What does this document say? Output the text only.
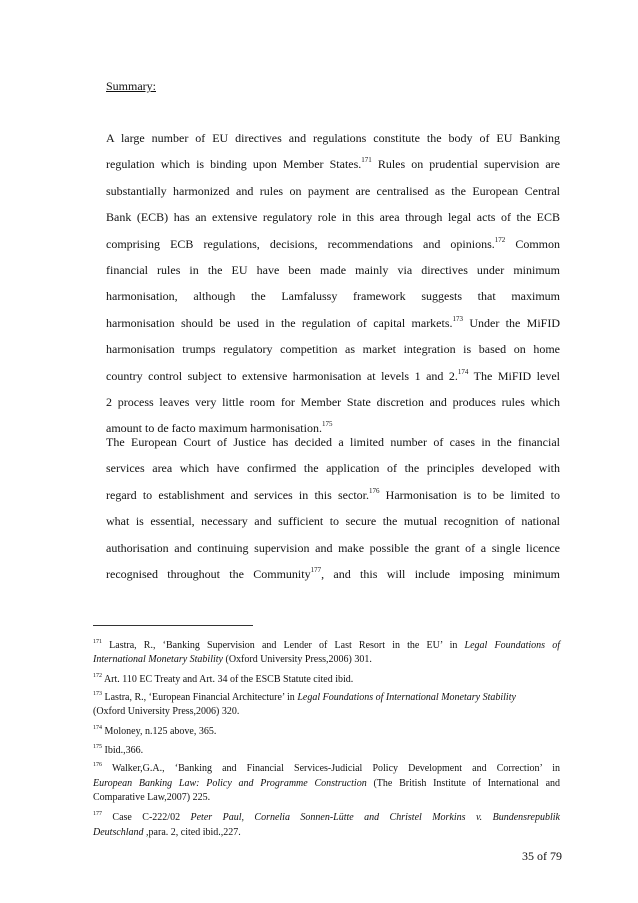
Summary:
A large number of EU directives and regulations constitute the body of EU Banking
regulation which is binding upon Member States.$^{171}$ Rules on prudential supervision are
substantially harmonized and rules on payment are centralised as the European Central
Bank (ECB) has an extensive regulatory role in this area through legal acts of the ECB
comprising ECB regulations, decisions, recommendations and opinions.$^{172}$ Common
financial rules in the EU have been made mainly via directives under minimum
harmonisation, although the Lamfalussy framework suggests that maximum
harmonisation should be used in the regulation of capital markets.$^{173}$ Under the MiFID
harmonisation trumps regulatory competition as market integration is based on home
country control subject to extensive harmonisation at levels 1 and 2.$^{174}$ The MiFID level
2 process leaves very little room for Member State discretion and produces rules which
amount to de facto maximum harmonisation.$^{175}$
The European Court of Justice has decided a limited number of cases in the financial
services area which have confirmed the application of the principles developed with
regard to establishment and services in this sector.$^{176}$ Harmonisation is to be limited to
what is essential, necessary and sufficient to secure the mutual recognition of national
authorisation and continuing supervision and make possible the grant of a single licence
recognised throughout the Community$^{177}$, and this will include imposing minimum
$^{171}$ Lastra, R., ‘Banking Supervision and Lender of Last Resort in the EU’ in Legal Foundations of
International Monetary Stability (Oxford University Press,2006) 301.
$^{172}$ Art. 110 EC Treaty and Art. 34 of the ESCB Statute cited ibid.
$^{173}$ Lastra, R., ‘European Financial Architecture’ in Legal Foundations of International Monetary Stability
(Oxford University Press,2006) 320.
$^{174}$ Moloney, n.125 above, 365.
$^{175}$ Ibid.,366.
$^{176}$ Walker,G.A., ‘Banking and Financial Services-Judicial Policy Development and Correction’ in
European Banking Law: Policy and Programme Construction (The British Institute of International and
Comparative Law,2007) 225.
$^{177}$ Case C-222/02 Peter Paul, Cornelia Sonnen-Lütte and Christel Morkins v. Bundensrepublik
Deutschland ,para. 2, cited ibid.,227.
35 of 79
